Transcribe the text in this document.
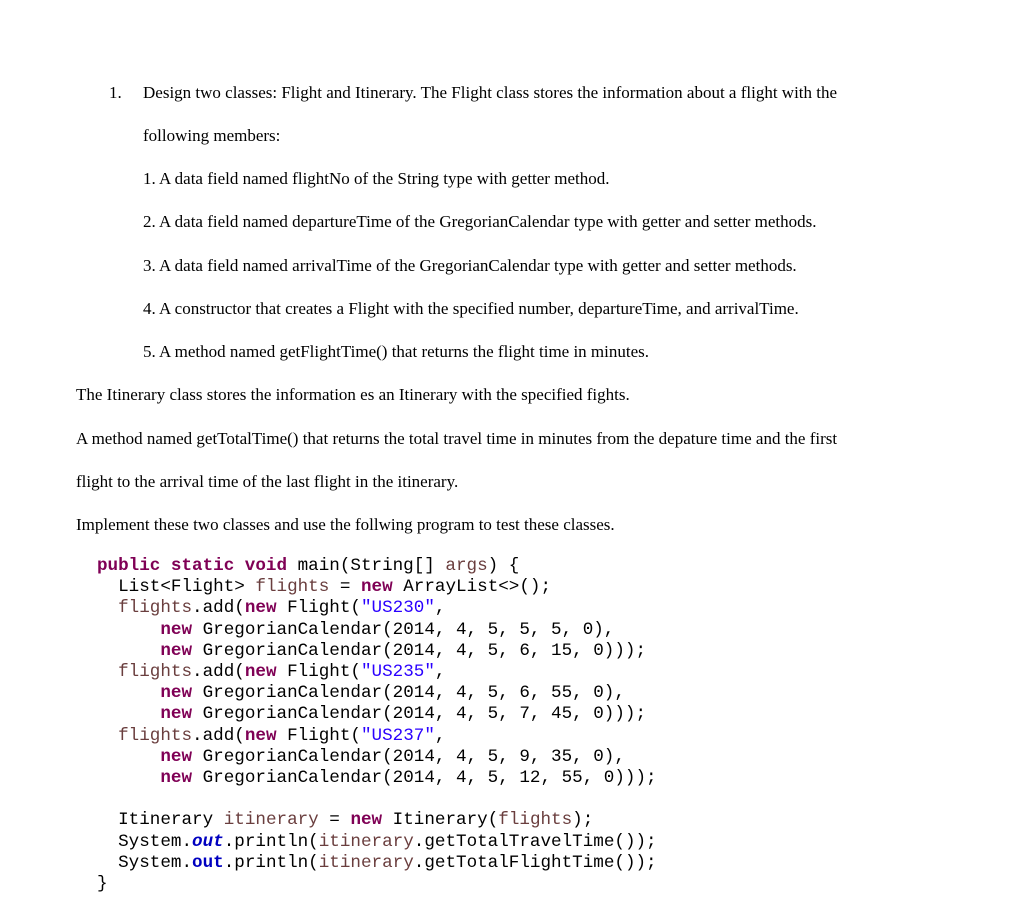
1. Design two classes: Flight and Itinerary. The Flight class stores the information about a flight with the
following members:
1. A data field named flightNo of the String type with getter method.
2. A data field named departureTime of the GregorianCalendar type with getter and setter methods.
3. A data field named arrivalTime of the GregorianCalendar type with getter and setter methods.
4. A constructor that creates a Flight with the specified number, departureTime, and arrivalTime.
5. A method named getFlightTime() that returns the flight time in minutes.
The Itinerary class stores the information es an Itinerary with the specified fights.
A method named getTotalTime() that returns the total travel time in minutes from the depature time and the first
flight to the arrival time of the last flight in the itinerary.
Implement these two classes and use the follwing program to test these classes.
public static void main(String[] args) {
List<Flight> flights = new ArrayList<>();
flights.add(new Flight("US230",
new GregorianCalendar(2014, 4, 5, 5, 5, 0),
new GregorianCalendar(2014, 4, 5, 6, 15, 0)));
flights.add(new Flight("US235",
new GregorianCalendar(2014, 4, 5, 6, 55, 0),
new GregorianCalendar(2014, 4, 5, 7, 45, 0)));
flights.add(new Flight("US237",
new GregorianCalendar(2014, 4, 5, 9, 35, 0),
new GregorianCalendar(2014, 4, 5, 12, 55, 0)));

Itinerary itinerary = new Itinerary(flights);
System.out.println(itinerary.getTotalTravelTime());
System.out.println(itinerary.getTotalFlightTime());
}
